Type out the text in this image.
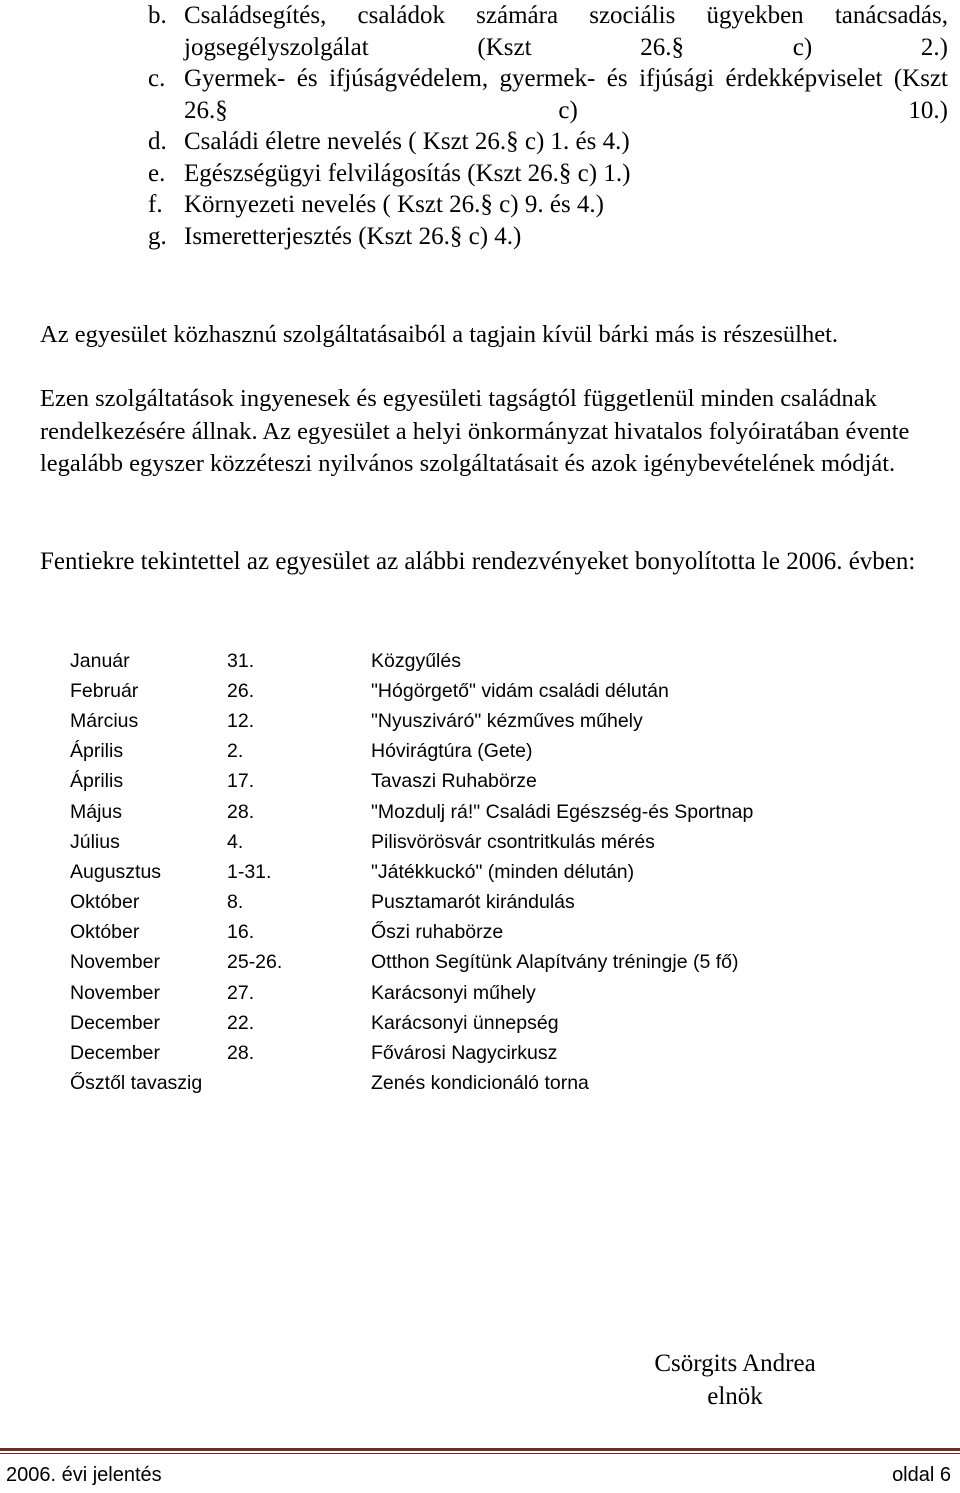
b. Családsegítés, családok számára szociális ügyekben tanácsadás, jogsegélyszolgálat (Kszt 26.§ c) 2.)
c. Gyermek- és ifjúságvédelem, gyermek- és ifjúsági érdekképviselet (Kszt 26.§ c) 10.)
d. Családi életre nevelés ( Kszt 26.§ c) 1. és 4.)
e. Egészségügyi felvilágosítás (Kszt 26.§ c) 1.)
f. Környezeti nevelés ( Kszt 26.§ c) 9. és 4.)
g. Ismeretterjesztés (Kszt 26.§ c) 4.)
Az egyesület közhasznú szolgáltatásaiból a tagjain kívül bárki más is részesülhet.
Ezen szolgáltatások ingyenesek és egyesületi tagságtól függetlenül minden családnak rendelkezésére állnak. Az egyesület a helyi önkormányzat hivatalos folyóiratában évente legalább egyszer közzéteszi nyilvános szolgáltatásait és azok igénybevételének módját.
Fentiekre tekintettel az egyesület az alábbi rendezvényeket bonyolította le 2006. évben:
Január	31.	Közgyűlés
Február	26.	"Hógörgető" vidám családi délután
Március	12.	"Nyusziváró" kézműves műhely
Április	2.	Hóvirágtúra (Gete)
Április	17.	Tavaszi Ruhabörze
Május	28.	"Mozdulj rá!" Családi Egészség-és Sportnap
Július	4.	Pilisvörösvár csontritkulás mérés
Augusztus	1-31.	"Játékkuckó" (minden délután)
Október	8.	Pusztamarót kirándulás
Október	16.	Őszi ruhabörze
November	25-26.	Otthon Segítünk Alapítvány tréningje (5 fő)
November	27.	Karácsonyi műhely
December	22.	Karácsonyi ünnepség
December	28.	Fővárosi Nagycirkusz
Ősztől tavaszig		Zenés kondicionáló torna
Csörgits Andrea
elnök
2006. évi jelentés	oldal 6
